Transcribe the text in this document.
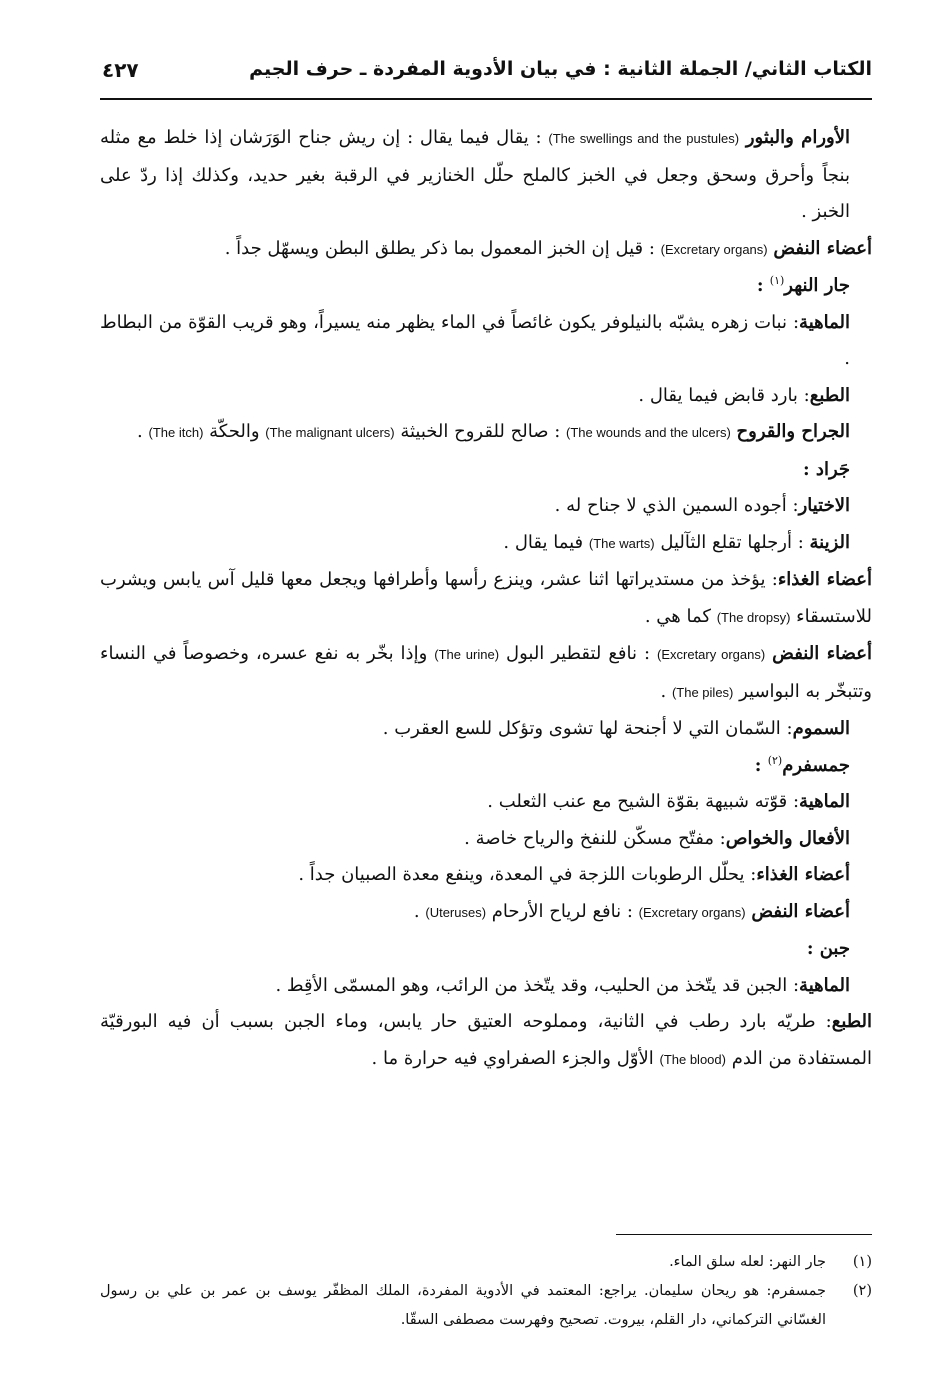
الكتاب الثاني/ الجملة الثانية : في بيان الأدوية المفردة ـ حرف الجيم
٤٢٧

الأورام والبثور (The swellings and the pustules) : يقال فيما يقال : إن ريش جناح الوَرَشان إذا خلط مع مثله بنجاً وأحرق وسحق وجعل في الخبز كالملح حلّل الخنازير في الرقبة بغير حديد، وكذلك إذا ردّ على الخبز .

أعضاء النفض (Excretary organs) : قيل إن الخبز المعمول بما ذكر يطلق البطن ويسهّل جداً .

جار النهر$^{(١)}$ :

الماهية: نبات زهره يشبّه بالنيلوفر يكون غائصاً في الماء يظهر منه يسيراً، وهو قريب القوّة من البطاط .

الطبع: بارد قابض فيما يقال .

الجراح والقروح (The wounds and the ulcers) : صالح للقروح الخبيثة (The malignant ulcers) والحكّة (The itch) .

جَراد :

الاختيار: أجوده السمين الذي لا جناح له .

الزينة : أرجلها تقلع الثآليل (The warts) فيما يقال .

أعضاء الغذاء: يؤخذ من مستديراتها اثنا عشر، وينزع رأسها وأطرافها ويجعل معها قليل آس يابس ويشرب للاستسقاء (The dropsy) كما هي .

أعضاء النفض (Excretary organs) : نافع لتقطير البول (The urine) وإذا بخّر به نفع عسره، وخصوصاً في النساء وتتبخّر به البواسير (The piles) .

السموم: السّمان التي لا أجنحة لها تشوى وتؤكل للسع العقرب .

جمسفرم$^{(٢)}$ :

الماهية: قوّته شبيهة بقوّة الشيح مع عنب الثعلب .

الأفعال والخواص: مفتّح مسكّن للنفخ والرياح خاصة .

أعضاء الغذاء: يحلّل الرطوبات اللزجة في المعدة، وينفع معدة الصبيان جداً .

أعضاء النفض (Excretary organs) : نافع لرياح الأرحام (Uteruses) .

جبن :

الماهية: الجبن قد يتّخذ من الحليب، وقد يتّخذ من الرائب، وهو المسمّى الأقِط .

الطبع: طريّه بارد رطب في الثانية، ومملوحه العتيق حار يابس، وماء الجبن بسبب أن فيه البورقيّة المستفادة من الدم (The blood) الأوّل والجزء الصفراوي فيه حرارة ما .

(١)
جار النهر: لعله سلق الماء.

(٢)
جمسفرم: هو ريحان سليمان. يراجع: المعتمد في الأدوية المفردة، الملك المظفّر يوسف بن عمر بن علي بن رسول الغسّاني التركماني، دار القلم، بيروت. تصحيح وفهرست مصطفى السقّا.
